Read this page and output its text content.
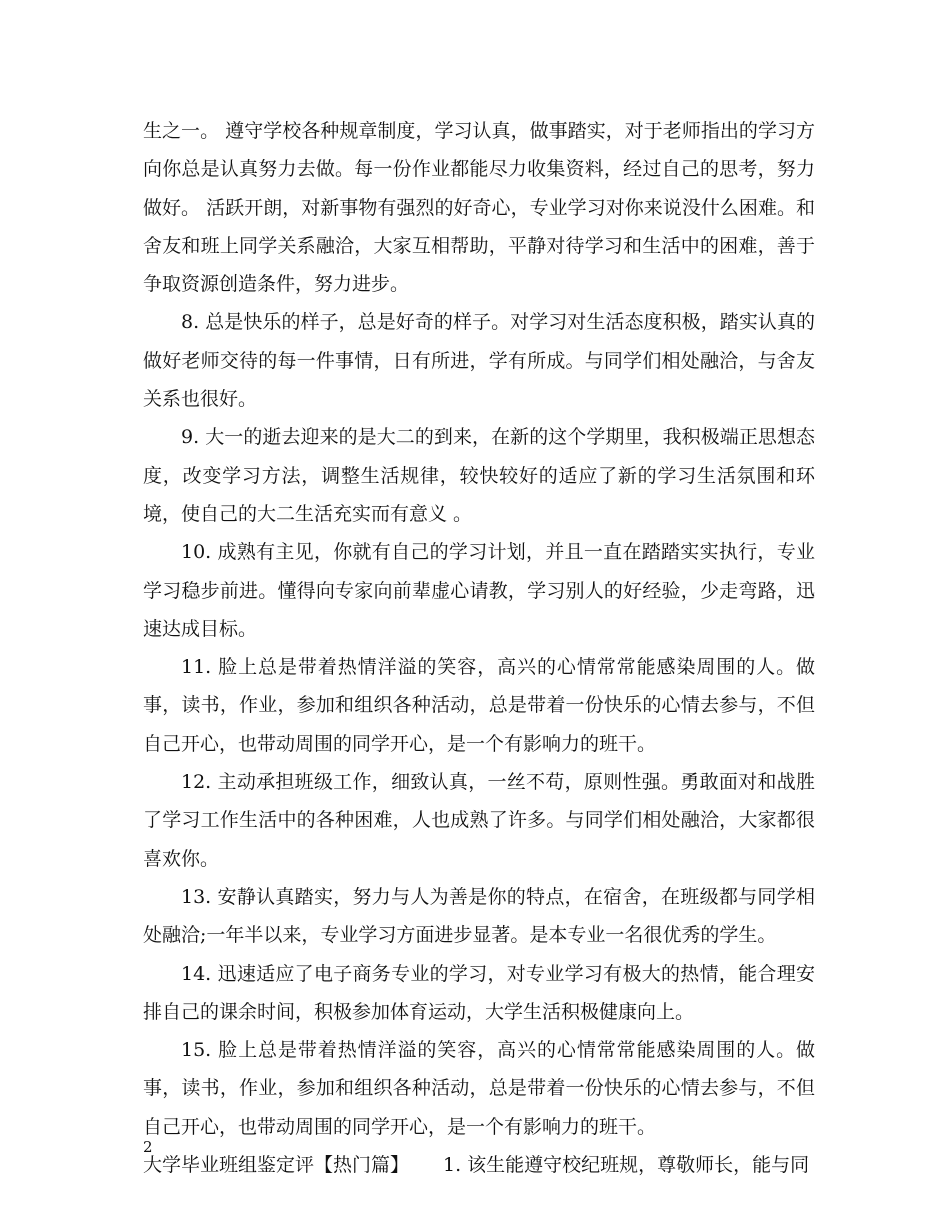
生之一。 遵守学校各种规章制度，学习认真，做事踏实，对于老师指出的学习方向你总是认真努力去做。每一份作业都能尽力收集资料，经过自己的思考，努力做好。 活跃开朗，对新事物有强烈的好奇心，专业学习对你来说没什么困难。和舍友和班上同学关系融洽，大家互相帮助，平静对待学习和生活中的困难，善于争取资源创造条件，努力进步。

8. 总是快乐的样子，总是好奇的样子。对学习对生活态度积极，踏实认真的做好老师交待的每一件事情，日有所进，学有所成。与同学们相处融洽，与舍友关系也很好。

9. 大一的逝去迎来的是大二的到来，在新的这个学期里，我积极端正思想态度，改变学习方法，调整生活规律，较快较好的适应了新的学习生活氛围和环境，使自己的大二生活充实而有意义 。

10. 成熟有主见，你就有自己的学习计划，并且一直在踏踏实实执行，专业学习稳步前进。懂得向专家向前辈虚心请教，学习别人的好经验，少走弯路，迅速达成目标。

11. 脸上总是带着热情洋溢的笑容，高兴的心情常常能感染周围的人。做事，读书，作业，参加和组织各种活动，总是带着一份快乐的心情去参与，不但自己开心，也带动周围的同学开心，是一个有影响力的班干。

12. 主动承担班级工作，细致认真，一丝不苟，原则性强。勇敢面对和战胜了学习工作生活中的各种困难，人也成熟了许多。与同学们相处融洽，大家都很喜欢你。

13. 安静认真踏实，努力与人为善是你的特点，在宿舍，在班级都与同学相处融洽;一年半以来，专业学习方面进步显著。是本专业一名很优秀的学生。

14. 迅速适应了电子商务专业的学习，对专业学习有极大的热情，能合理安排自己的课余时间，积极参加体育运动，大学生活积极健康向上。

15. 脸上总是带着热情洋溢的笑容，高兴的心情常常能感染周围的人。做事，读书，作业，参加和组织各种活动，总是带着一份快乐的心情去参与，不但自己开心，也带动周围的同学开心，是一个有影响力的班干。

大学毕业班组鉴定评【热门篇】	1. 该生能遵守校纪班规，尊敬师长，能与同
2
